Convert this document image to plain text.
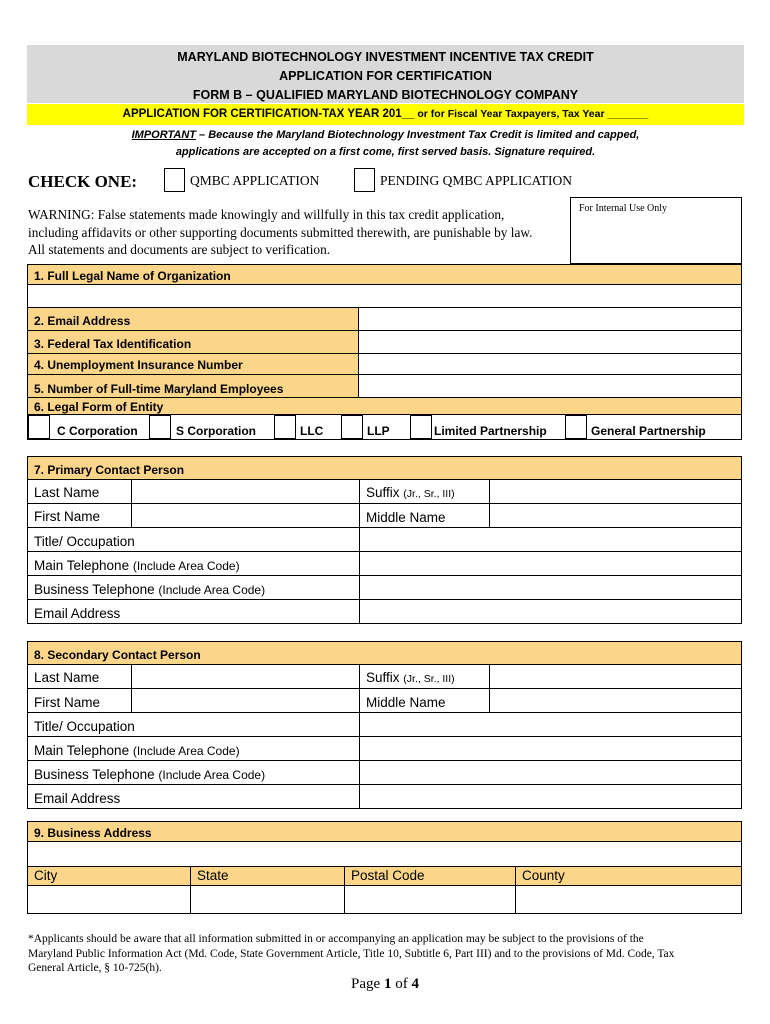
MARYLAND BIOTECHNOLOGY INVESTMENT INCENTIVE TAX CREDIT
APPLICATION FOR CERTIFICATION
FORM B – QUALIFIED MARYLAND BIOTECHNOLOGY COMPANY
APPLICATION FOR CERTIFICATION-TAX YEAR 201__ or for Fiscal Year Taxpayers, Tax Year _______
IMPORTANT – Because the Maryland Biotechnology Investment Tax Credit is limited and capped,
applications are accepted on a first come, first served basis. Signature required.
CHECK ONE:	QMBC APPLICATION	PENDING QMBC APPLICATION
WARNING: False statements made knowingly and willfully in this tax credit application,
including affidavits or other supporting documents submitted therewith, are punishable by law.
All statements and documents are subject to verification.
For Internal Use Only
1. Full Legal Name of Organization
2. Email Address
3. Federal Tax Identification
4. Unemployment Insurance Number
5. Number of Full-time Maryland Employees
6. Legal Form of Entity
C Corporation	S Corporation	LLC	LLP	Limited Partnership	General Partnership
7. Primary Contact Person
Last Name	Suffix (Jr., Sr., III)
First Name	Middle Name
Title/ Occupation
Main Telephone (Include Area Code)
Business Telephone (Include Area Code)
Email Address
8. Secondary Contact Person
Last Name	Suffix (Jr., Sr., III)
First Name	Middle Name
Title/ Occupation
Main Telephone (Include Area Code)
Business Telephone (Include Area Code)
Email Address
9. Business Address
City	State	Postal Code	County
*Applicants should be aware that all information submitted in or accompanying an application may be subject to the provisions of the
Maryland Public Information Act (Md. Code, State Government Article, Title 10, Subtitle 6, Part III) and to the provisions of Md. Code, Tax
General Article, § 10-725(h).
Page 1 of 4
